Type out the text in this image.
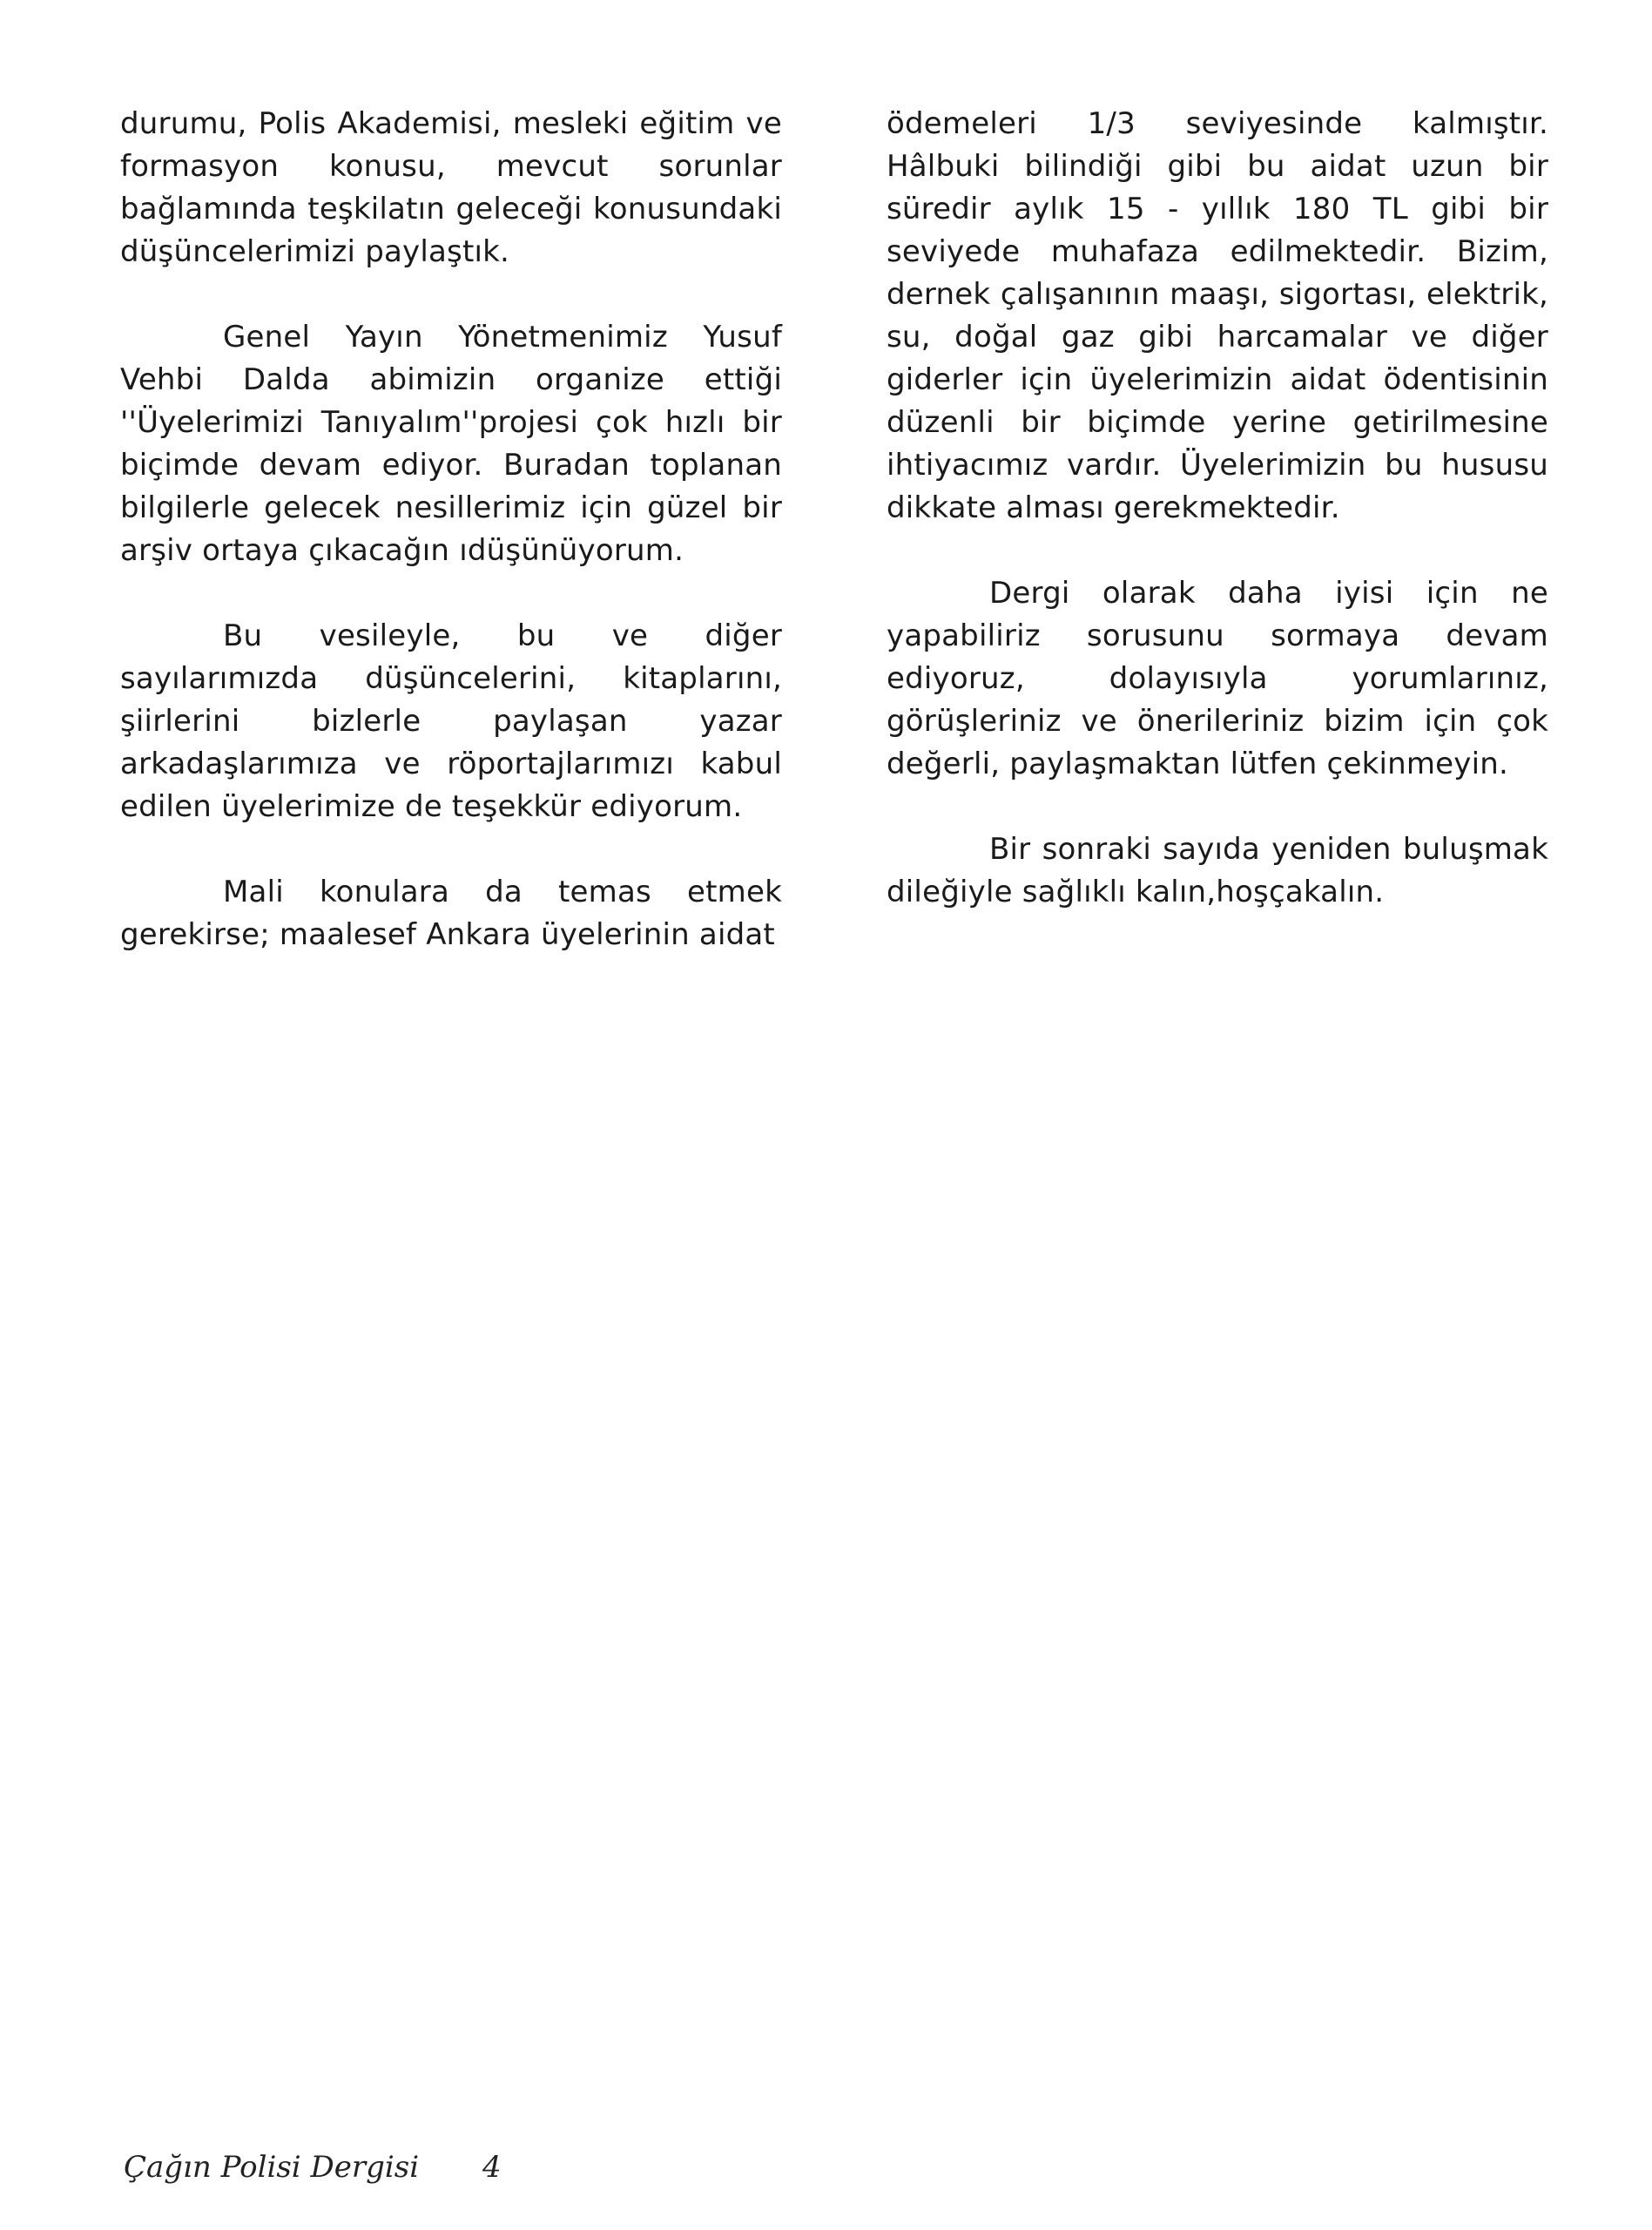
durumu, Polis Akademisi, mesleki eğitim ve formasyon konusu, mevcut sorunlar bağlamında teşkilatın geleceği konusundaki düşüncelerimizi paylaştık.

Genel Yayın Yönetmenimiz Yusuf Vehbi Dalda abimizin organize ettiği ''Üyelerimizi Tanıyalım''projesi çok hızlı bir biçimde devam ediyor. Buradan toplanan bilgilerle gelecek nesillerimiz için güzel bir arşiv ortaya çıkacağın ıdüşünüyorum.

Bu vesileyle, bu ve diğer sayılarımızda düşüncelerini, kitaplarını, şiirlerini bizlerle paylaşan yazar arkadaşlarımıza ve röportajlarımızı kabul edilen üyelerimize de teşekkür ediyorum.

Mali konulara da temas etmek gerekirse; maalesef Ankara üyelerinin aidat

ödemeleri 1/3 seviyesinde kalmıştır. Hâlbuki bilindiği gibi bu aidat uzun bir süredir aylık 15 - yıllık 180 TL gibi bir seviyede muhafaza edilmektedir. Bizim, dernek çalışanının maaşı, sigortası, elektrik, su, doğal gaz gibi harcamalar ve diğer giderler için üyelerimizin aidat ödentisinin düzenli bir biçimde yerine getirilmesine ihtiyacımız vardır. Üyelerimizin bu hususu dikkate alması gerekmektedir.

Dergi olarak daha iyisi için ne yapabiliriz sorusunu sormaya devam ediyoruz, dolayısıyla yorumlarınız, görüşleriniz ve önerileriniz bizim için çok değerli, paylaşmaktan lütfen çekinmeyin.

Bir sonraki sayıda yeniden buluşmak dileğiyle sağlıklı kalın,hoşçakalın.

Çağın Polisi Dergisi 4
